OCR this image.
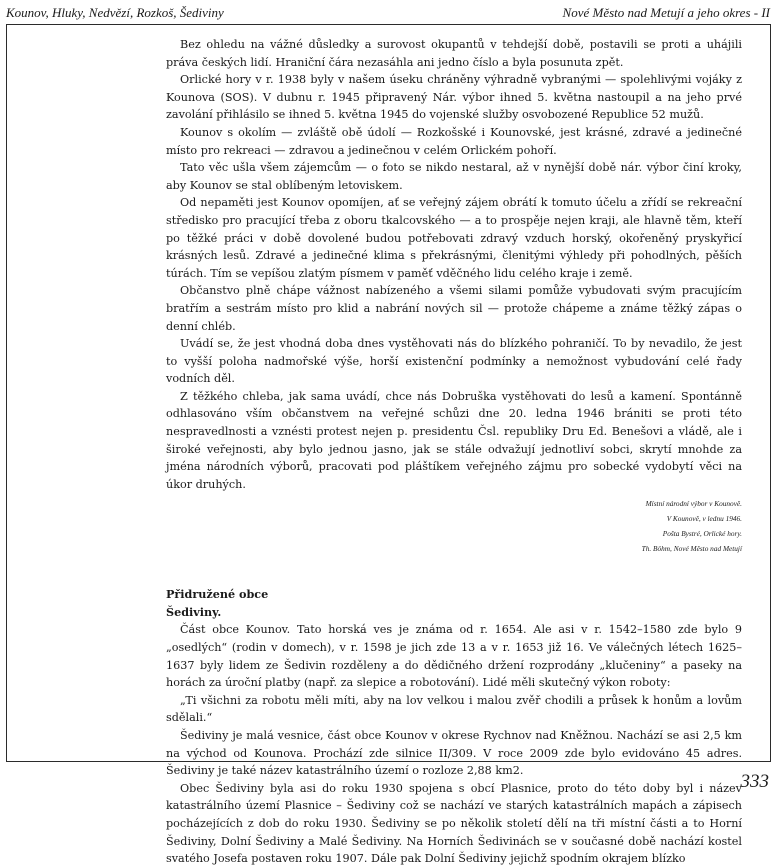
Kounov, Hluky, Nedvězí, Rozkoš, Šediviny	Nové Město nad Metují a jeho okres - II

Bez ohledu na vážné důsledky a surovost okupantů v tehdejší době, postavili se proti a uhájili práva českých lidí. Hraniční čára nezasáhla ani jedno číslo a byla posunuta zpět.

Orlické hory v r. 1938 byly v našem úseku chráněny výhradně vybranými — spolehlivými vojáky z Kounova (SOS). V dubnu r. 1945 připravený Nár. výbor ihned 5. května nastoupil a na jeho prvé zavolání přihlásilo se ihned 5. května 1945 do vojenské služby osvobozené Republice 52 mužů.

Kounov s okolím — zvláště obě údolí — Rozkošské i Kounovské, jest krásné, zdravé a jedinečné místo pro rekreaci — zdravou a jedinečnou v celém Orlickém pohoří.

Tato věc ušla všem zájemcům — o foto se nikdo nestaral, až v nynější době nár. výbor činí kroky, aby Kounov se stal oblíbeným letoviskem.

Od nepaměti jest Kounov opomíjen, ať se veřejný zájem obrátí k tomuto účelu a zřídí se rekreační středisko pro pracující třeba z oboru tkalcovského — a to prospěje nejen kraji, ale hlavně těm, kteří po těžké práci v době dovolené budou potřebovati zdravý vzduch horský, okořeněný pryskyřicí krásných lesů. Zdravé a jedinečné klima s překrásnými, členitými výhledy při pohodlných, pěších túrách. Tím se vepíšou zlatým písmem v paměť vděčného lidu celého kraje i země.

Občanstvo plně chápe vážnost nabízeného a všemi silami pomůže vybudovati svým pracujícím bratřím a sestrám místo pro klid a nabrání nových sil — protože chápeme a známe těžký zápas o denní chléb.

Uvádí se, že jest vhodná doba dnes vystěhovati nás do blízkého pohraničí. To by nevadilo, že jest to vyšší poloha nadmořské výše, horší existenční podmínky a nemožnost vybudování celé řady vodních děl.

Z těžkého chleba, jak sama uvádí, chce nás Dobruška vystěhovati do lesů a kamení. Spontánně odhlasováno vším občanstvem na veřejné schůzi dne 20. ledna 1946 brániti se proti této nespravedlnosti a vznésti protest nejen p. presidentu Čsl. republiky Dru Ed. Benešovi a vládě, ale i široké veřejnosti, aby bylo jednou jasno, jak se stále odvažují jednotliví sobci, skrytí mnohde za jména národních výborů, pracovati pod pláštíkem veřejného zájmu pro sobecké vydobytí věci na úkor druhých.

Místní národní výbor v Kounově.
V Kounově, v lednu 1946.
Pošta Bystré, Orlické hory.
Th. Böhm, Nové Město nad Metují

Přidružené obce

Šediviny.

Část obce Kounov. Tato horská ves je známa od r. 1654. Ale asi v r. 1542–1580 zde bylo 9 „osedlých“ (rodin v domech), v r. 1598 je jich zde 13 a v r. 1653 již 16. Ve válečných létech 1625–1637 byly lidem ze Šedivin rozděleny a do dědičného držení rozprodány „klučeniny“ a paseky na horách za úroční platby (např. za slepice a robotování). Lidé měli skutečný výkon roboty:

„Ti všichni za robotu měli míti, aby na lov velkou i malou zvěř chodili a průsek k honům a lovům sdělali.“

Šediviny je malá vesnice, část obce Kounov v okrese Rychnov nad Kněžnou. Nachází se asi 2,5 km na východ od Kounova. Prochází zde silnice II/309. V roce 2009 zde bylo evidováno 45 adres. Šediviny je také název katastrálního území o rozloze 2,88 km2.

Obec Šediviny byla asi do roku 1930 spojena s obcí Plasnice, proto do této doby byl i název katastrálního území Plasnice – Šediviny což se nachází ve starých katastrálních mapách a zápisech pocházejících z dob do roku 1930. Šediviny se po několik století dělí na tři místní části a to Horní Šediviny, Dolní Šediviny a Malé Šediviny. Na Horních Šedivinách se v současné době nachází kostel svatého Josefa postaven roku 1907. Dále pak Dolní Šediviny jejichž spodním okrajem blízko

333
